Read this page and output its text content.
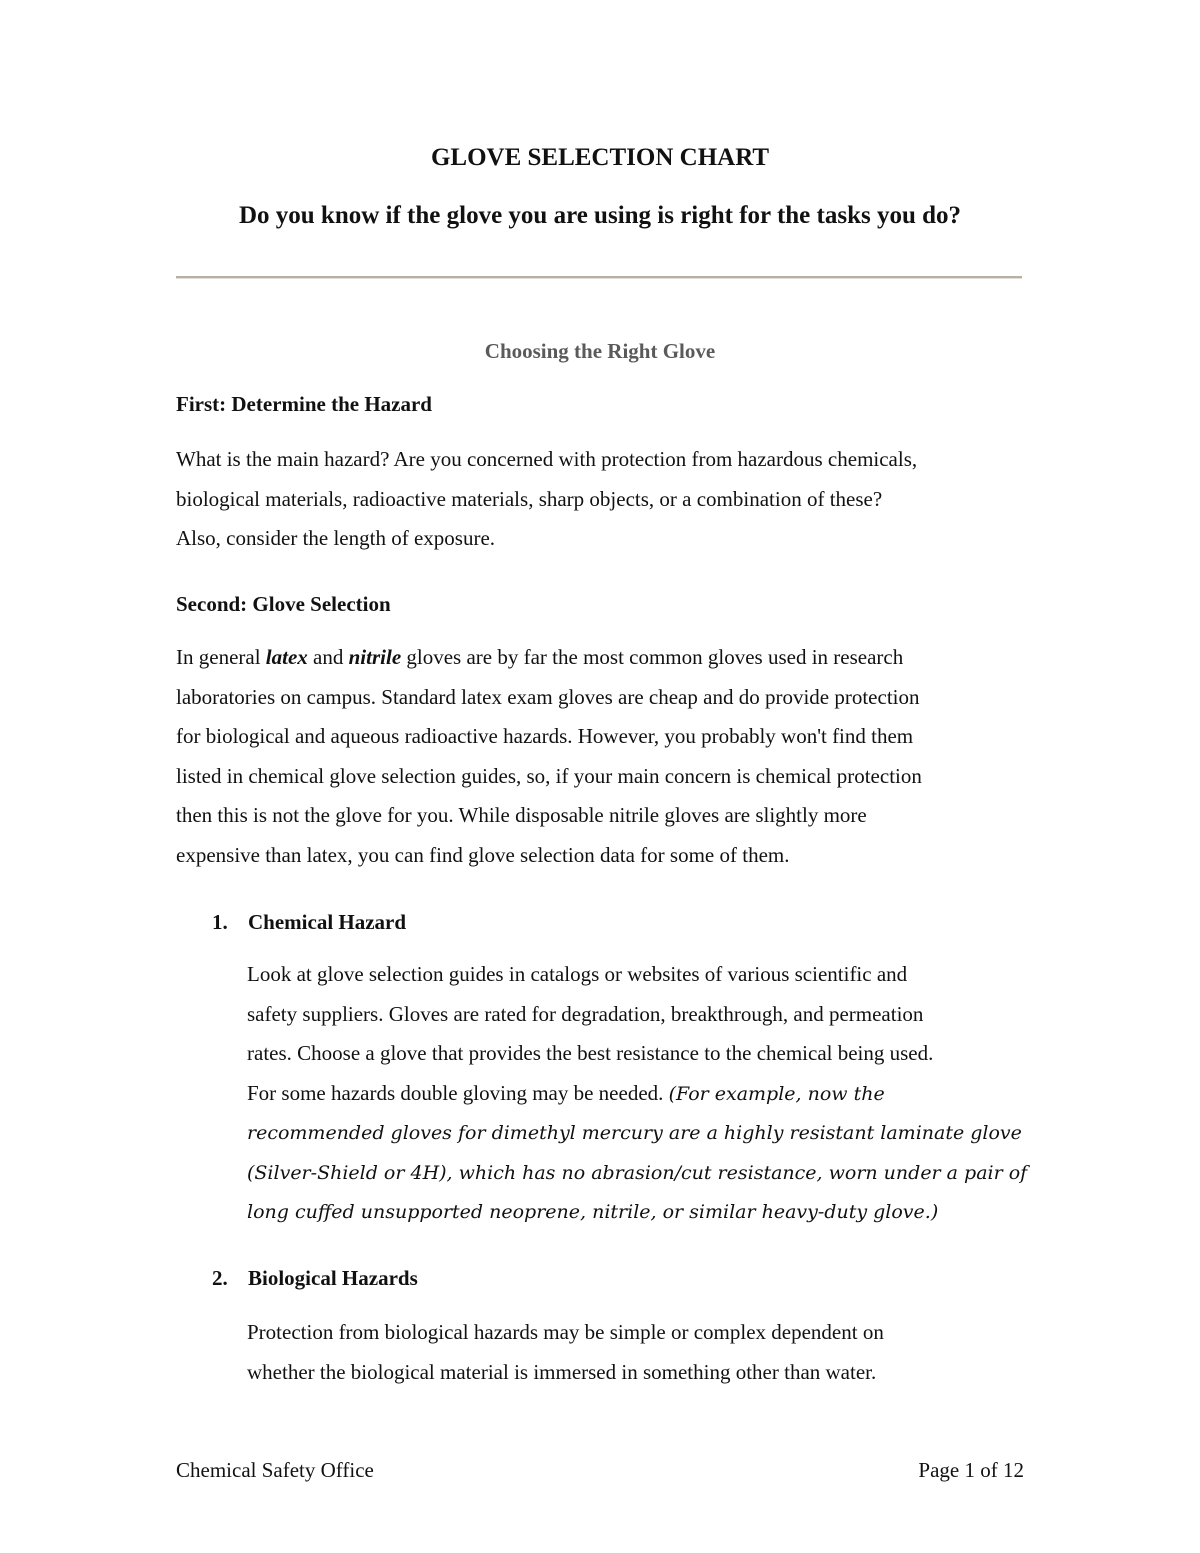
GLOVE SELECTION CHART
Do you know if the glove you are using is right for the tasks you do?
Choosing the Right Glove

First: Determine the Hazard

What is the main hazard? Are you concerned with protection from hazardous chemicals,

biological materials, radioactive materials, sharp objects, or a combination of these?

Also, consider the length of exposure.

Second: Glove Selection

In general latex and nitrile gloves are by far the most common gloves used in research

laboratories on campus. Standard latex exam gloves are cheap and do provide protection

for biological and aqueous radioactive hazards. However, you probably won't find them

listed in chemical glove selection guides, so, if your main concern is chemical protection

then this is not the glove for you. While disposable nitrile gloves are slightly more

expensive than latex, you can find glove selection data for some of them.

1. Chemical Hazard

Look at glove selection guides in catalogs or websites of various scientific and

safety suppliers. Gloves are rated for degradation, breakthrough, and permeation

rates. Choose a glove that provides the best resistance to the chemical being used.

For some hazards double gloving may be needed. (For example, now the

recommended gloves for dimethyl mercury are a highly resistant laminate glove

(Silver-Shield or 4H), which has no abrasion/cut resistance, worn under a pair of

long cuffed unsupported neoprene, nitrile, or similar heavy-duty glove.)

2. Biological Hazards

Protection from biological hazards may be simple or complex dependent on

whether the biological material is immersed in something other than water.

Chemical Safety Office	Page 1 of 12
